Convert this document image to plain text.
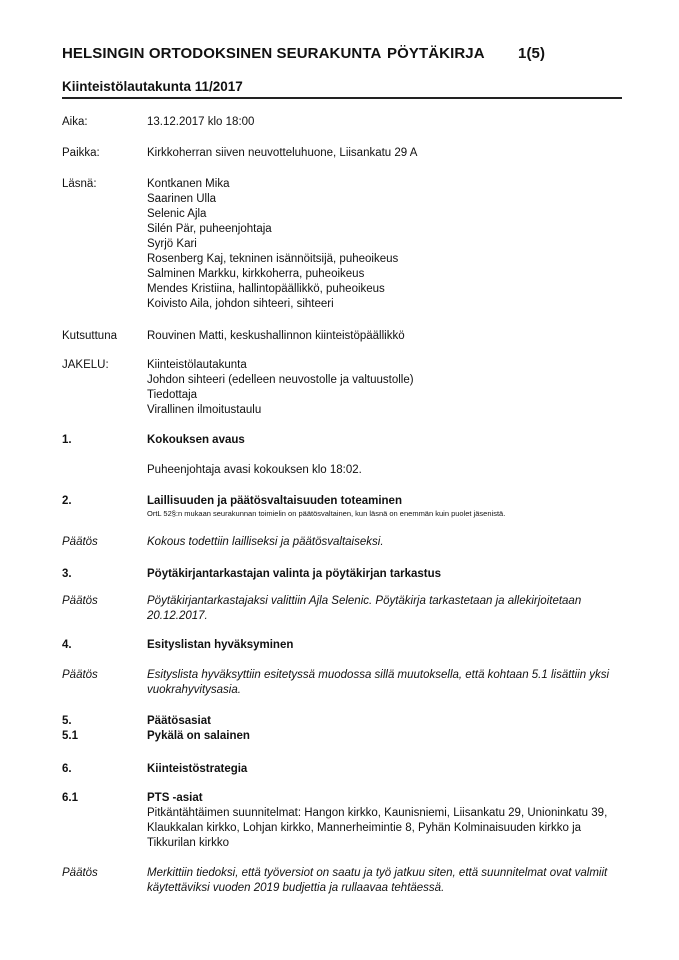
HELSINGIN ORTODOKSINEN SEURAKUNTA PÖYTÄKIRJA 1(5)
Kiinteistölautakunta 11/2017
Aika:	13.12.2017 klo 18:00
Paikka:	Kirkkoherran siiven neuvotteluhuone, Liisankatu 29 A
Läsnä:	Kontkanen Mika
Saarinen Ulla
Selenic Ajla
Silén Pär, puheenjohtaja
Syrjö Kari
Rosenberg Kaj, tekninen isännöitsijä, puheoikeus
Salminen Markku, kirkkoherra, puheoikeus
Mendes Kristiina, hallintopäällikkö, puheoikeus
Koivisto Aila, johdon sihteeri, sihteeri
Kutsuttuna	Rouvinen Matti, keskushallinnon kiinteistöpäällikkö
JAKELU:	Kiinteistölautakunta
Johdon sihteeri (edelleen neuvostolle ja valtuustolle)
Tiedottaja
Virallinen ilmoitustaulu
1.	Kokouksen avaus
Puheenjohtaja avasi kokouksen klo 18:02.
2.	Laillisuuden ja päätösvaltaisuuden toteaminen
OrtL 52§:n mukaan seurakunnan toimielin on päätösvaltainen, kun läsnä on enemmän kuin puolet jäsenistä.
Päätös	Kokous todettiin lailliseksi ja päätösvaltaiseksi.
3.	Pöytäkirjantarkastajan valinta ja pöytäkirjan tarkastus
Päätös	Pöytäkirjantarkastajaksi valittiin Ajla Selenic. Pöytäkirja tarkastetaan ja allekirjoitetaan 20.12.2017.
4.	Esityslistan hyväksyminen
Päätös	Esityslista hyväksyttiin esitetyssä muodossa sillä muutoksella, että kohtaan 5.1 lisättiin yksi vuokrahyvitysasia.
5.	Päätösasiat
5.1	Pykälä on salainen
6.	Kiinteistöstrategia
6.1	PTS -asiat
Pitkäntähtäimen suunnitelmat: Hangon kirkko, Kaunisniemi, Liisankatu 29, Unioninkatu 39, Klaukkalan kirkko, Lohjan kirkko, Mannerheimintie 8, Pyhän Kolminaisuuden kirkko ja Tikkurilan kirkko
Päätös	Merkittiin tiedoksi, että työversiot on saatu ja työ jatkuu siten, että suunnitelmat ovat valmiit käytettäviksi vuoden 2019 budjettia ja rullaavaa tehtäessä.
